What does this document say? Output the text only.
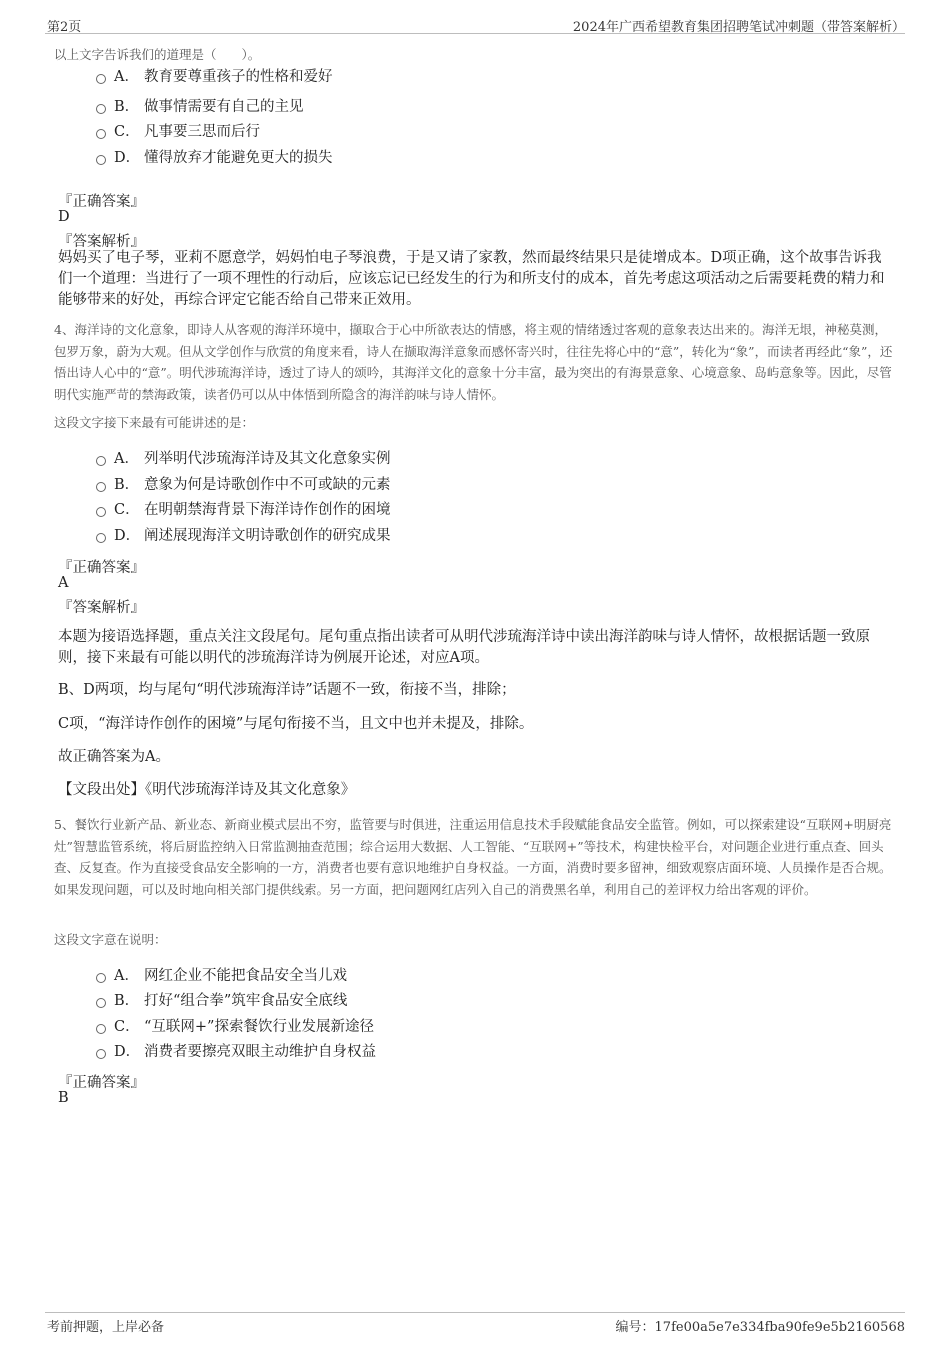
第2页	2024年广西希望教育集团招聘笔试冲刺题（带答案解析）
以上文字告诉我们的道理是（　　）。
A． 教育要尊重孩子的性格和爱好
B． 做事情需要有自己的主见
C． 凡事要三思而后行
D． 懂得放弃才能避免更大的损失
『正确答案』
D
『答案解析』
妈妈买了电子琴，亚莉不愿意学，妈妈怕电子琴浪费，于是又请了家教，然而最终结果只是徒增成本。D项正确，这个故事告诉我们一个道理：当进行了一项不理性的行动后，应该忘记已经发生的行为和所支付的成本，首先考虑这项活动之后需要耗费的精力和能够带来的好处，再综合评定它能否给自己带来正效用。
4、海洋诗的文化意象，即诗人从客观的海洋环境中，撷取合于心中所欲表达的情感，将主观的情绪透过客观的意象表达出来的。海洋无垠，神秘莫测，包罗万象，蔚为大观。但从文学创作与欣赏的角度来看，诗人在撷取海洋意象而感怀寄兴时，往往先将心中的“意”，转化为“象”，而读者再经此“象”，还悟出诗人心中的“意”。明代涉琉海洋诗，透过了诗人的颂吟，其海洋文化的意象十分丰富，最为突出的有海景意象、心境意象、岛屿意象等。因此，尽管明代实施严苛的禁海政策，读者仍可以从中体悟到所隐含的海洋韵味与诗人情怀。
这段文字接下来最有可能讲述的是：
A． 列举明代涉琉海洋诗及其文化意象实例
B． 意象为何是诗歌创作中不可或缺的元素
C． 在明朝禁海背景下海洋诗作创作的困境
D． 阐述展现海洋文明诗歌创作的研究成果
『正确答案』
A
『答案解析』
本题为接语选择题，重点关注文段尾句。尾句重点指出读者可从明代涉琉海洋诗中读出海洋韵味与诗人情怀，故根据话题一致原则，接下来最有可能以明代的涉琉海洋诗为例展开论述，对应A项。
B、D两项，均与尾句“明代涉琉海洋诗”话题不一致，衔接不当，排除；
C项，“海洋诗作创作的困境”与尾句衔接不当，且文中也并未提及，排除。
故正确答案为A。
【文段出处】《明代涉琉海洋诗及其文化意象》
5、餐饮行业新产品、新业态、新商业模式层出不穷，监管要与时俱进，注重运用信息技术手段赋能食品安全监管。例如，可以探索建设“互联网+明厨亮灶”智慧监管系统，将后厨监控纳入日常监测抽查范围；综合运用大数据、人工智能、“互联网+”等技术，构建快检平台，对问题企业进行重点查、回头查、反复查。作为直接受食品安全影响的一方，消费者也要有意识地维护自身权益。一方面，消费时要多留神，细致观察店面环境、人员操作是否合规。如果发现问题，可以及时地向相关部门提供线索。另一方面，把问题网红店列入自己的消费黑名单，利用自己的差评权力给出客观的评价。
这段文字意在说明：
A． 网红企业不能把食品安全当儿戏
B． 打好“组合拳”筑牢食品安全底线
C． “互联网+”探索餐饮行业发展新途径
D． 消费者要擦亮双眼主动维护自身权益
『正确答案』
B
考前押题，上岸必备	编号：17fe00a5e7e334fba90fe9e5b2160568
